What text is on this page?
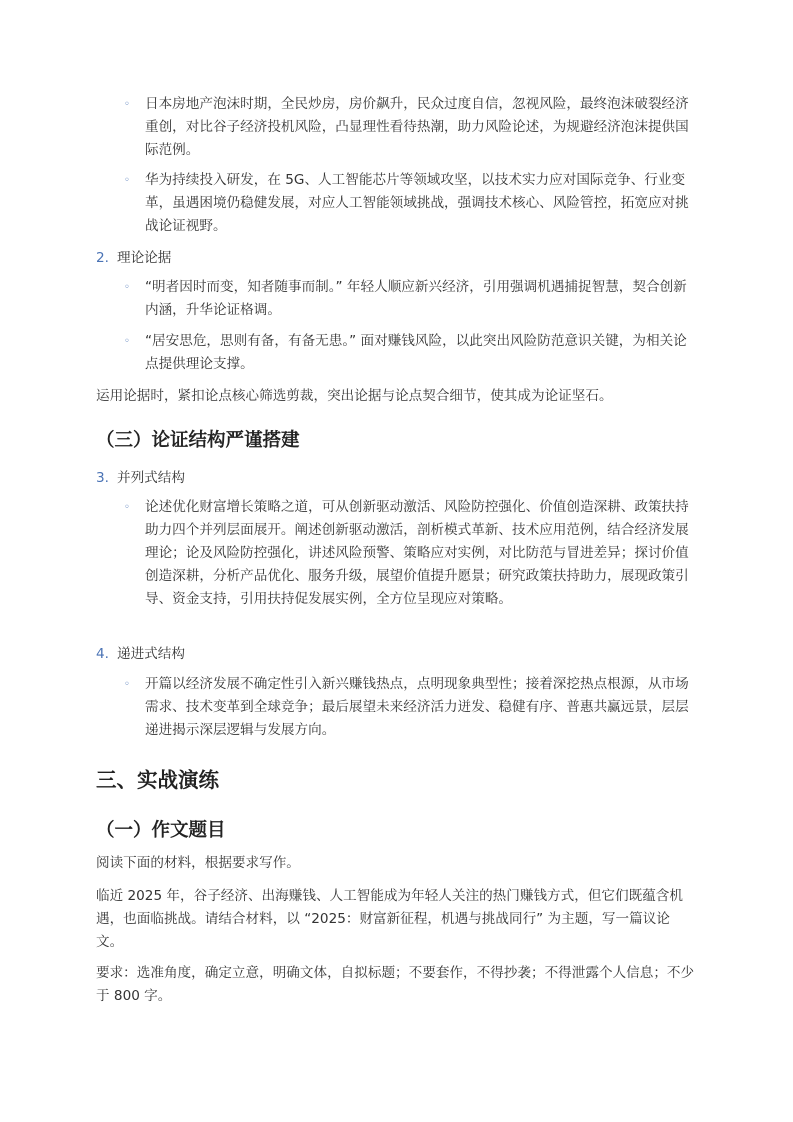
◦ 日本房地产泡沫时期，全民炒房，房价飙升，民众过度自信，忽视风险，最终泡沫破裂经济重创，对比谷子经济投机风险，凸显理性看待热潮，助力风险论述，为规避经济泡沫提供国际范例。
◦ 华为持续投入研发，在 5G、人工智能芯片等领域攻坚，以技术实力应对国际竞争、行业变革，虽遇困境仍稳健发展，对应人工智能领域挑战，强调技术核心、风险管控，拓宽应对挑战论证视野。
2. 理论论据
◦ “明者因时而变，知者随事而制。” 年轻人顺应新兴经济，引用强调机遇捕捉智慧，契合创新内涵，升华论证格调。
◦ “居安思危，思则有备，有备无患。” 面对赚钱风险，以此突出风险防范意识关键，为相关论点提供理论支撑。
运用论据时，紧扣论点核心筛选剪裁，突出论据与论点契合细节，使其成为论证坚石。
（三）论证结构严谨搭建
3. 并列式结构
◦ 论述优化财富增长策略之道，可从创新驱动激活、风险防控强化、价值创造深耕、政策扶持助力四个并列层面展开。阐述创新驱动激活，剖析模式革新、技术应用范例，结合经济发展理论；论及风险防控强化，讲述风险预警、策略应对实例，对比防范与冒进差异；探讨价值创造深耕，分析产品优化、服务升级，展望价值提升愿景；研究政策扶持助力，展现政策引导、资金支持，引用扶持促发展实例，全方位呈现应对策略。
4. 递进式结构
◦ 开篇以经济发展不确定性引入新兴赚钱热点，点明现象典型性；接着深挖热点根源，从市场需求、技术变革到全球竞争；最后展望未来经济活力迸发、稳健有序、普惠共赢远景，层层递进揭示深层逻辑与发展方向。
三、实战演练
（一）作文题目
阅读下面的材料，根据要求写作。
临近 2025 年，谷子经济、出海赚钱、人工智能成为年轻人关注的热门赚钱方式，但它们既蕴含机遇，也面临挑战。请结合材料，以 “2025：财富新征程，机遇与挑战同行” 为主题，写一篇议论文。
要求：选准角度，确定立意，明确文体，自拟标题；不要套作，不得抄袭；不得泄露个人信息；不少于 800 字。
